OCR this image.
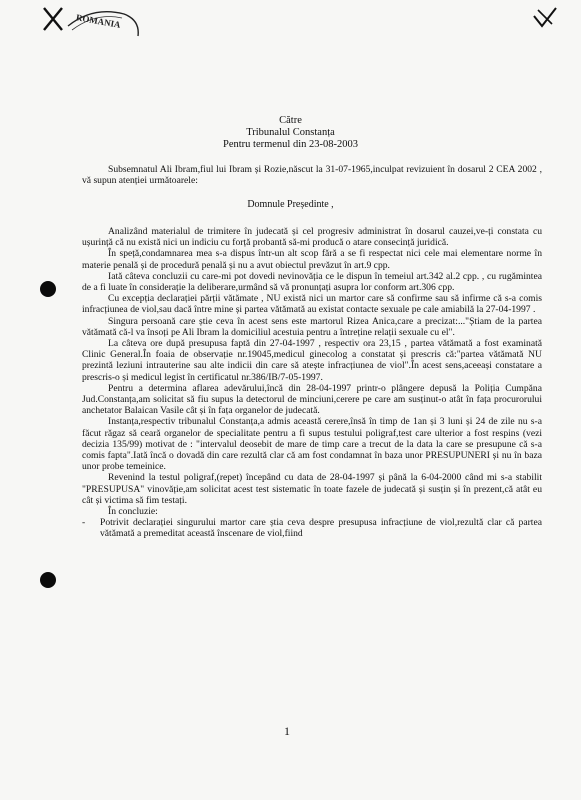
ROMANIA
Către
Tribunalul Constanța
Pentru termenul din 23-08-2003

Subsemnatul Ali Ibram,fiul lui Ibram și Rozie,născut la 31-07-1965,inculpat revizuient în dosarul 2 CEA 2002 , vă supun atenției următoarele:

Domnule Președinte ,

Analizând materialul de trimitere în judecată și cel progresiv administrat în dosarul cauzei,ve-ți constata cu ușurință că nu există nici un indiciu cu forță probantă să-mi producă o atare consecință juridică.

În speță,condamnarea mea s-a dispus într-un alt scop fără a se fi respectat nici cele mai elementare norme în materie penală și de procedură penală și nu a avut obiectul prevăzut în art.9 cpp.

Iată câteva concluzii cu care-mi pot dovedi nevinovăția ce le dispun în temeiul art.342 al.2 cpp. , cu rugămintea de a fi luate în considerație la deliberare,urmând să vă pronunțați asupra lor conform art.306 cpp.

Cu excepția declarației părții vătămate , NU există nici un martor care să confirme sau să infirme că s-a comis infracțiunea de viol,sau dacă între mine și partea vătămată au existat contacte sexuale pe cale amiabilă la 27-04-1997 .

Singura persoană care știe ceva în acest sens este martorul Rizea Anica,care a precizat:..."Știam de la partea vătămată că-l va însoți pe Ali Ibram la domiciliul acestuia pentru a întreține relații sexuale cu el".

La câteva ore după presupusa faptă din 27-04-1997 , respectiv ora 23,15 , partea vătămată a fost examinată Clinic General.În foaia de observație nr.19045,medicul ginecolog a constatat și prescris că:"partea vătămată NU prezintă leziuni intrauterine sau alte indicii din care să atește infracțiunea de viol".În acest sens,aceeași constatare a prescris-o și medicul legist în certificatul nr.386/IB/7-05-1997.

Pentru a determina aflarea adevărului,încă din 28-04-1997 printr-o plângere depusă la Poliția Cumpăna Jud.Constanța,am solicitat să fiu supus la detectorul de minciuni,cerere pe care am susținut-o atât în fața procurorului anchetator Balaican Vasile cât și în fața organelor de judecată.

Instanța,respectiv tribunalul Constanța,a admis această cerere,însă în timp de 1an și 3 luni și 24 de zile nu s-a făcut răgaz să ceară organelor de specialitate pentru a fi supus testului poligraf,test care ulterior a fost respins (vezi decizia 135/99) motivat de : "intervalul deosebit de mare de timp care a trecut de la data la care se presupune că s-a comis fapta".Iată încă o dovadă din care rezultă clar că am fost condamnat în baza unor PRESUPUNERI și nu în baza unor probe temeinice.

Revenind la testul poligraf,(repet) începând cu data de 28-04-1997 și până la 6-04-2000 când mi s-a stabilit "PRESUPUSA" vinovăție,am solicitat acest test sistematic în toate fazele de judecată și susțin și în prezent,că atât eu cât și victima să fim testați.

În concluzie:

-	Potrivit declarației singurului martor care știa ceva despre presupusa infracțiune de viol,rezultă clar că partea vătămată a premeditat această înscenare de viol,fiind
1
